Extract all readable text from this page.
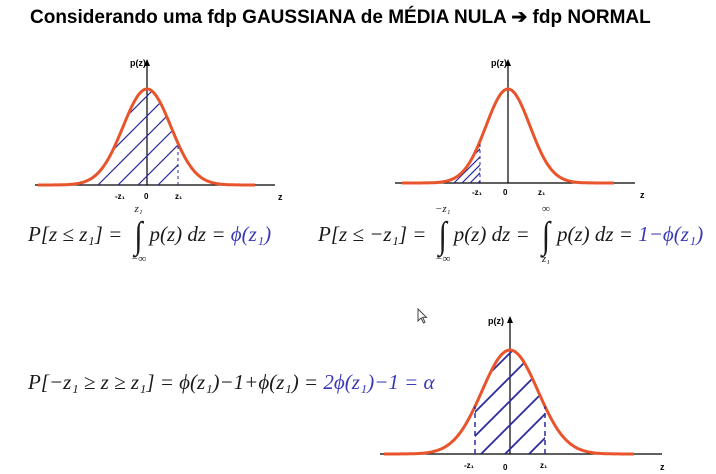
Considerando uma fdp GAUSSIANA de MÉDIA NULA ➔ fdp NORMAL
p(z)
z
-z₁ 0	z₁
p(z)
z
-z₁	0	z₁
p(z)
z
-z₁	0	z₁
P[z ≤ z₁] =
z₁
∫
−∞
p(z) dz = ϕ(z₁) P[z ≤ −z₁] =
−z₁
∫
−∞
p(z) dz =
∞
∫
z₁
p(z) dz = 1−ϕ(z₁)
P[−z₁ ≥ z ≥ z₁] = ϕ(z₁)−1+ϕ(z₁) = 2ϕ(z₁)−1 = α
